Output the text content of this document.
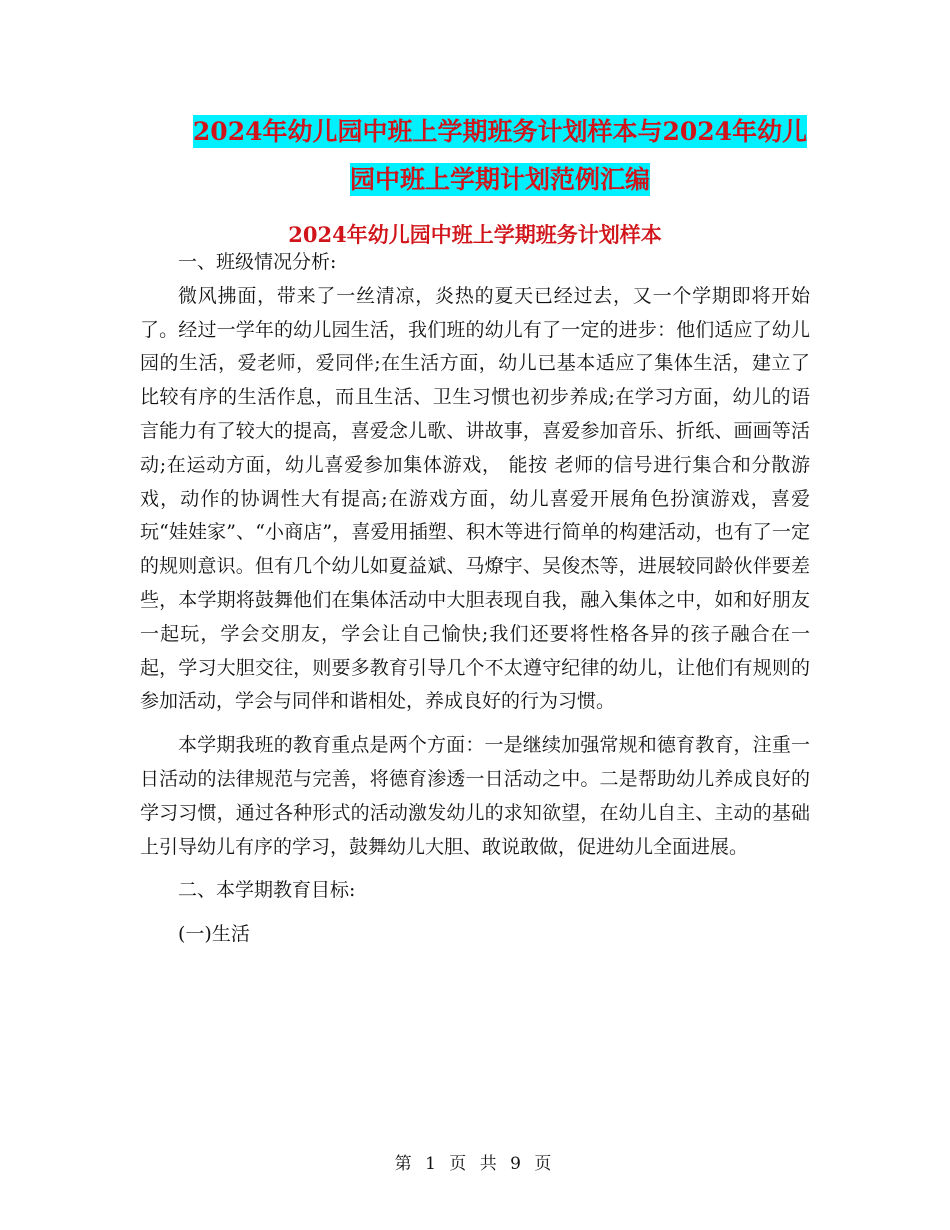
2024年幼儿园中班上学期班务计划样本与2024年幼儿
园中班上学期计划范例汇编
2024年幼儿园中班上学期班务计划样本

一、班级情况分析:

微风拂面，带来了一丝清凉，炎热的夏天已经过去，又一个学期即将开始了。经过一学年的幼儿园生活，我们班的幼儿有了一定的进步：他们适应了幼儿园的生活，爱老师，爱同伴;在生活方面，幼儿已基本适应了集体生活，建立了比较有序的生活作息，而且生活、卫生习惯也初步养成;在学习方面，幼儿的语言能力有了较大的提高，喜爱念儿歌、讲故事，喜爱参加音乐、折纸、画画等活动;在运动方面，幼儿喜爱参加集体游戏， 能按 老师的信号进行集合和分散游戏，动作的协调性大有提高;在游戏方面，幼儿喜爱开展角色扮演游戏，喜爱玩“娃娃家”、“小商店”，喜爱用插塑、积木等进行简单的构建活动，也有了一定的规则意识。但有几个幼儿如夏益斌、马燎宇、吴俊杰等，进展较同龄伙伴要差些，本学期将鼓舞他们在集体活动中大胆表现自我，融入集体之中，如和好朋友一起玩，学会交朋友，学会让自己愉快;我们还要将性格各异的孩子融合在一起，学习大胆交往，则要多教育引导几个不太遵守纪律的幼儿，让他们有规则的参加活动，学会与同伴和谐相处，养成良好的行为习惯。

本学期我班的教育重点是两个方面：一是继续加强常规和德育教育，注重一日活动的法律规范与完善，将德育渗透一日活动之中。二是帮助幼儿养成良好的学习习惯，通过各种形式的活动激发幼儿的求知欲望，在幼儿自主、主动的基础上引导幼儿有序的学习，鼓舞幼儿大胆、敢说敢做，促进幼儿全面进展。

二、本学期教育目标:

(一)生活

第 1 页 共 9 页
